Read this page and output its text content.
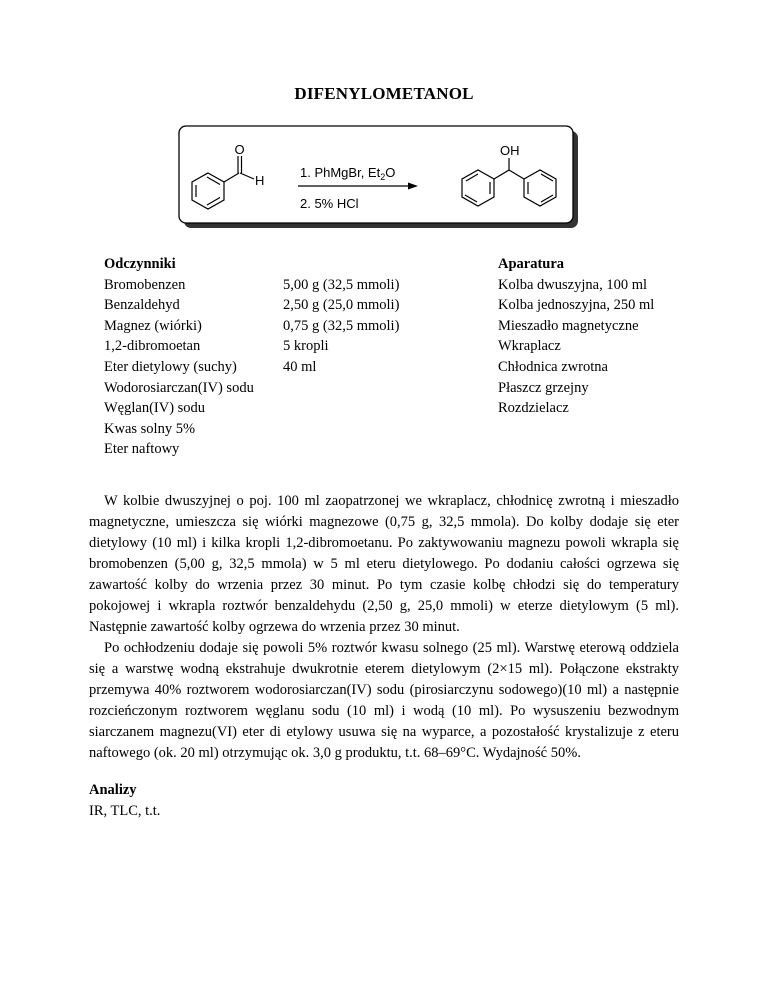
DIFENYLOMETANOL
O
H
1. PhMgBr, $Et_2O$
2. 5% HCl
OH
Odczynniki
Bromobenzen
Benzaldehyd
Magnez (wiórki)
1,2-dibromoetan
Eter dietylowy (suchy)
Wodorosiarczan(IV) sodu
Węglan(IV) sodu
Kwas solny 5%
Eter naftowy
5,00 g (32,5 mmoli)
2,50 g (25,0 mmoli)
0,75 g (32,5 mmoli)
5 kropli
40 ml
Aparatura
Kolba dwuszyjna, 100 ml
Kolba jednoszyjna, 250 ml
Mieszadło magnetyczne
Wkraplacz
Chłodnica zwrotna
Płaszcz grzejny
Rozdzielacz

W kolbie dwuszyjnej o poj. 100 ml zaopatrzonej we wkraplacz, chłodnicę zwrotną i mieszadło magnetyczne, umieszcza się wiórki magnezowe (0,75 g, 32,5 mmola). Do kolby dodaje się eter dietylowy (10 ml) i kilka kropli 1,2-dibromoetanu. Po zaktywowaniu magnezu powoli wkrapla się bromobenzen (5,00 g, 32,5 mmola) w 5 ml eteru dietylowego. Po dodaniu całości ogrzewa się zawartość kolby do wrzenia przez 30 minut. Po tym czasie kolbę chłodzi się do temperatury pokojowej i wkrapla roztwór benzaldehydu (2,50 g, 25,0 mmoli) w eterze dietylowym (5 ml). Następnie zawartość kolby ogrzewa do wrzenia przez 30 minut.

Po ochłodzeniu dodaje się powoli 5% roztwór kwasu solnego (25 ml). Warstwę eterową oddziela się a warstwę wodną ekstrahuje dwukrotnie eterem dietylowym (2×15 ml). Połączone ekstrakty przemywa 40% roztworem wodorosiarczan(IV) sodu (pirosiarczynu sodowego)(10 ml) a następnie rozcieńczonym roztworem węglanu sodu (10 ml) i wodą (10 ml). Po wysuszeniu bezwodnym siarczanem magnezu(VI) eter di etylowy usuwa się na wyparce, a pozostałość krystalizuje z eteru naftowego (ok. 20 ml) otrzymując ok. 3,0 g produktu, t.t. 68–69°C. Wydajność 50%.

Analizy
IR, TLC, t.t.
